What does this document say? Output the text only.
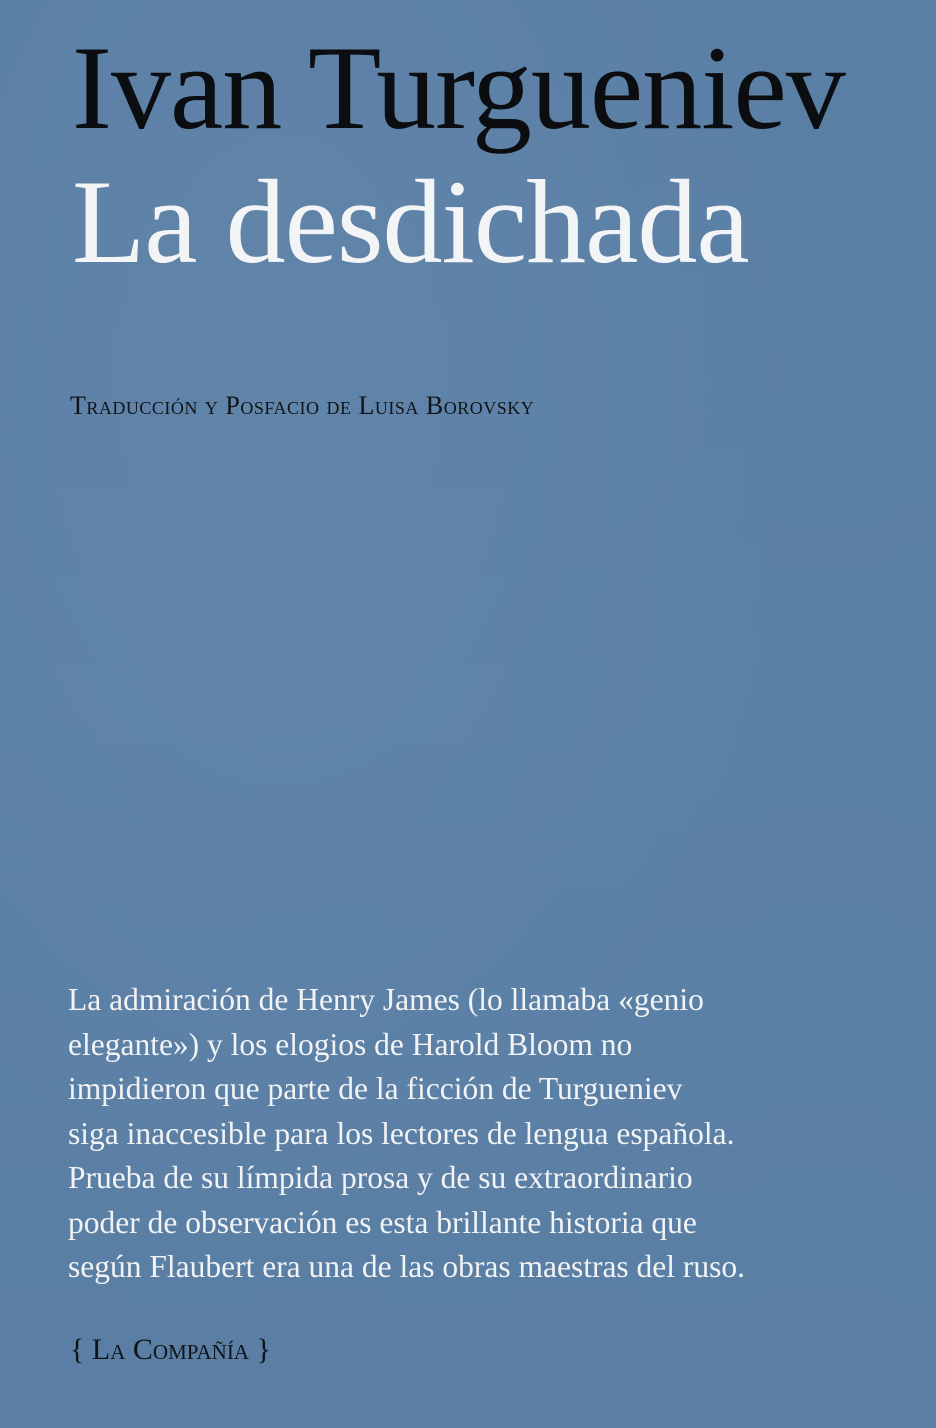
Ivan Turgueniev
La desdichada
Traducción y Posfacio de Luisa Borovsky
La admiración de Henry James (lo llamaba «genio
elegante») y los elogios de Harold Bloom no
impidieron que parte de la ficción de Turgueniev
siga inaccesible para los lectores de lengua española.
Prueba de su límpida prosa y de su extraordinario
poder de observación es esta brillante historia que
según Flaubert era una de las obras maestras del ruso.
{ La Compañía }
